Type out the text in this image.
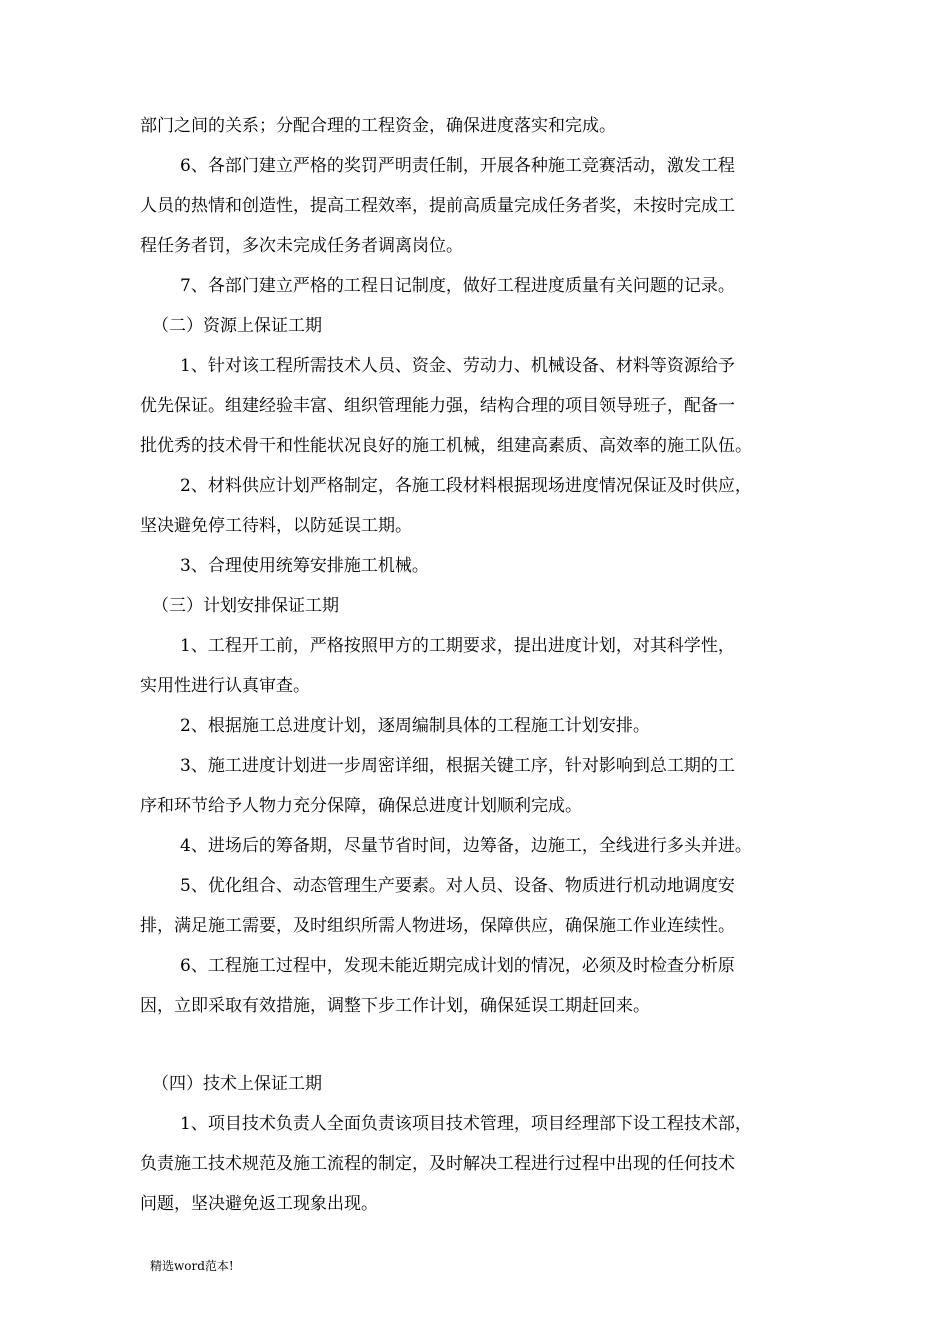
部门之间的关系；分配合理的工程资金，确保进度落实和完成。
6、各部门建立严格的奖罚严明责任制，开展各种施工竞赛活动，激发工程
人员的热情和创造性，提高工程效率，提前高质量完成任务者奖，未按时完成工
程任务者罚，多次未完成任务者调离岗位。
7、各部门建立严格的工程日记制度，做好工程进度质量有关问题的记录。
（二）资源上保证工期
1、针对该工程所需技术人员、资金、劳动力、机械设备、材料等资源给予
优先保证。组建经验丰富、组织管理能力强，结构合理的项目领导班子，配备一
批优秀的技术骨干和性能状况良好的施工机械，组建高素质、高效率的施工队伍。
2、材料供应计划严格制定，各施工段材料根据现场进度情况保证及时供应，
坚决避免停工待料，以防延误工期。
3、合理使用统筹安排施工机械。
（三）计划安排保证工期
1、工程开工前，严格按照甲方的工期要求，提出进度计划，对其科学性，
实用性进行认真审查。
2、根据施工总进度计划，逐周编制具体的工程施工计划安排。
3、施工进度计划进一步周密详细，根据关键工序，针对影响到总工期的工
序和环节给予人物力充分保障，确保总进度计划顺利完成。
4、进场后的筹备期，尽量节省时间，边筹备，边施工，全线进行多头并进。
5、优化组合、动态管理生产要素。对人员、设备、物质进行机动地调度安
排，满足施工需要，及时组织所需人物进场，保障供应，确保施工作业连续性。
6、工程施工过程中，发现未能近期完成计划的情况，必须及时检查分析原
因，立即采取有效措施，调整下步工作计划，确保延误工期赶回来。
（四）技术上保证工期
1、项目技术负责人全面负责该项目技术管理，项目经理部下设工程技术部，
负责施工技术规范及施工流程的制定，及时解决工程进行过程中出现的任何技术
问题，坚决避免返工现象出现。
精选word范本!
